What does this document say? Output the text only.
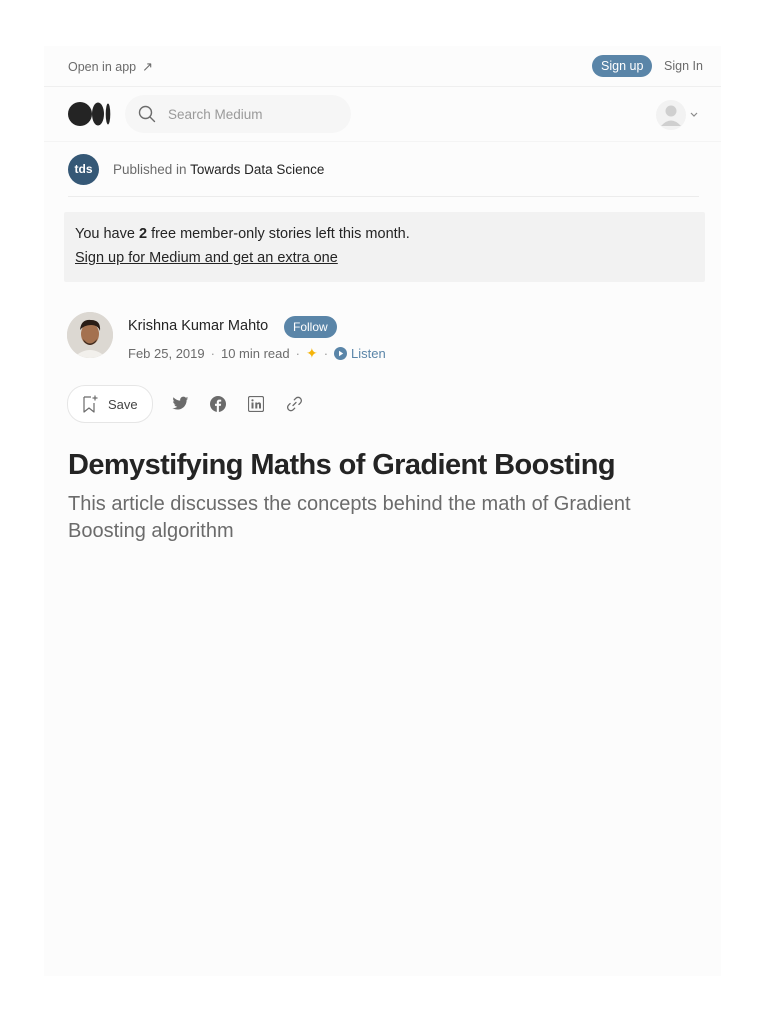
Open in app ↗	Sign up	Sign In
Search Medium
tds	Published in Towards Data Science
You have 2 free member-only stories left this month.
Sign up for Medium and get an extra one
Krishna Kumar Mahto	Follow
Feb 25, 2019 · 10 min read · ✦ · Listen
Save
Demystifying Maths of Gradient Boosting

This article discusses the concepts behind the math of Gradient Boosting algorithm
